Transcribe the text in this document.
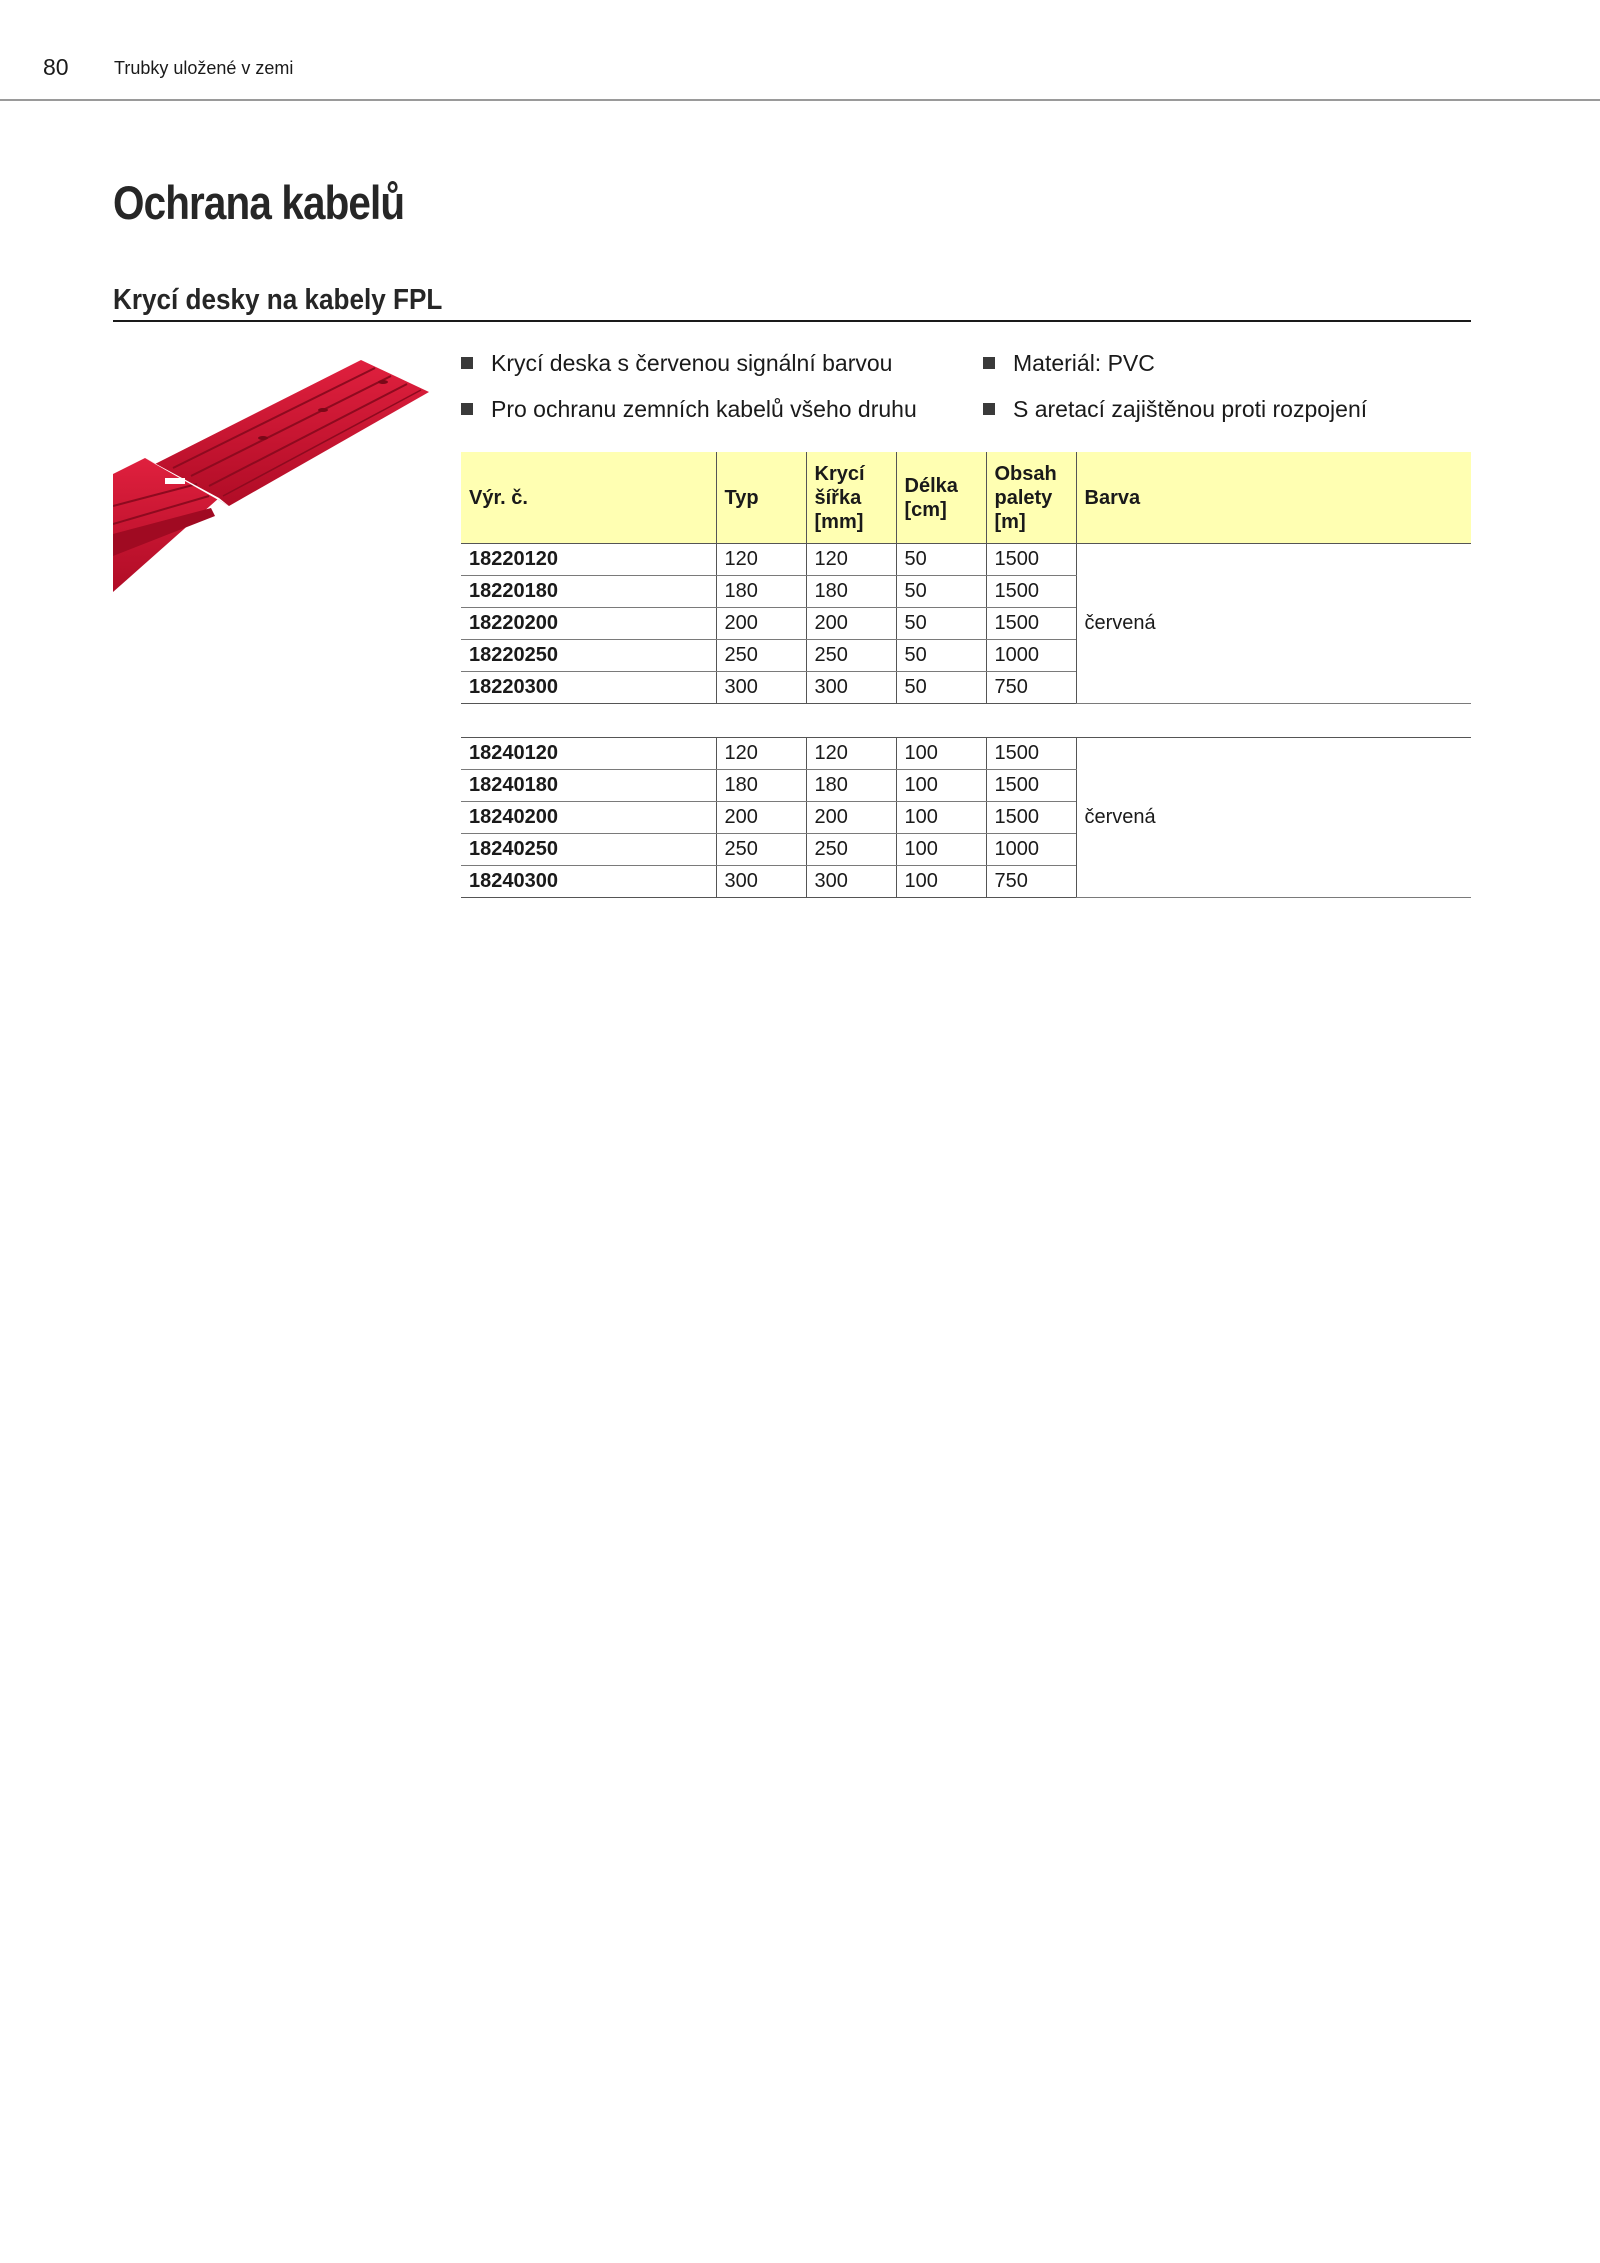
80	Trubky uložené v zemi
Ochrana kabelů
Krycí desky na kabely FPL
Krycí deska s červenou signální barvou
Pro ochranu zemních kabelů všeho druhu
Materiál: PVC
S aretací zajištěnou proti rozpojení
Výr. č.	Typ	Krycí šířka [mm]	Délka [cm]	Obsah palety [m]	Barva
18220120	120	120	50	1500	červená
18220180	180	180	50	1500	
18220200	200	200	50	1500	
18220250	250	250	50	1000	
18220300	300	300	50	750	
18240120	120	120	100	1500	červená
18240180	180	180	100	1500	
18240200	200	200	100	1500	
18240250	250	250	100	1000	
18240300	300	300	100	750	
